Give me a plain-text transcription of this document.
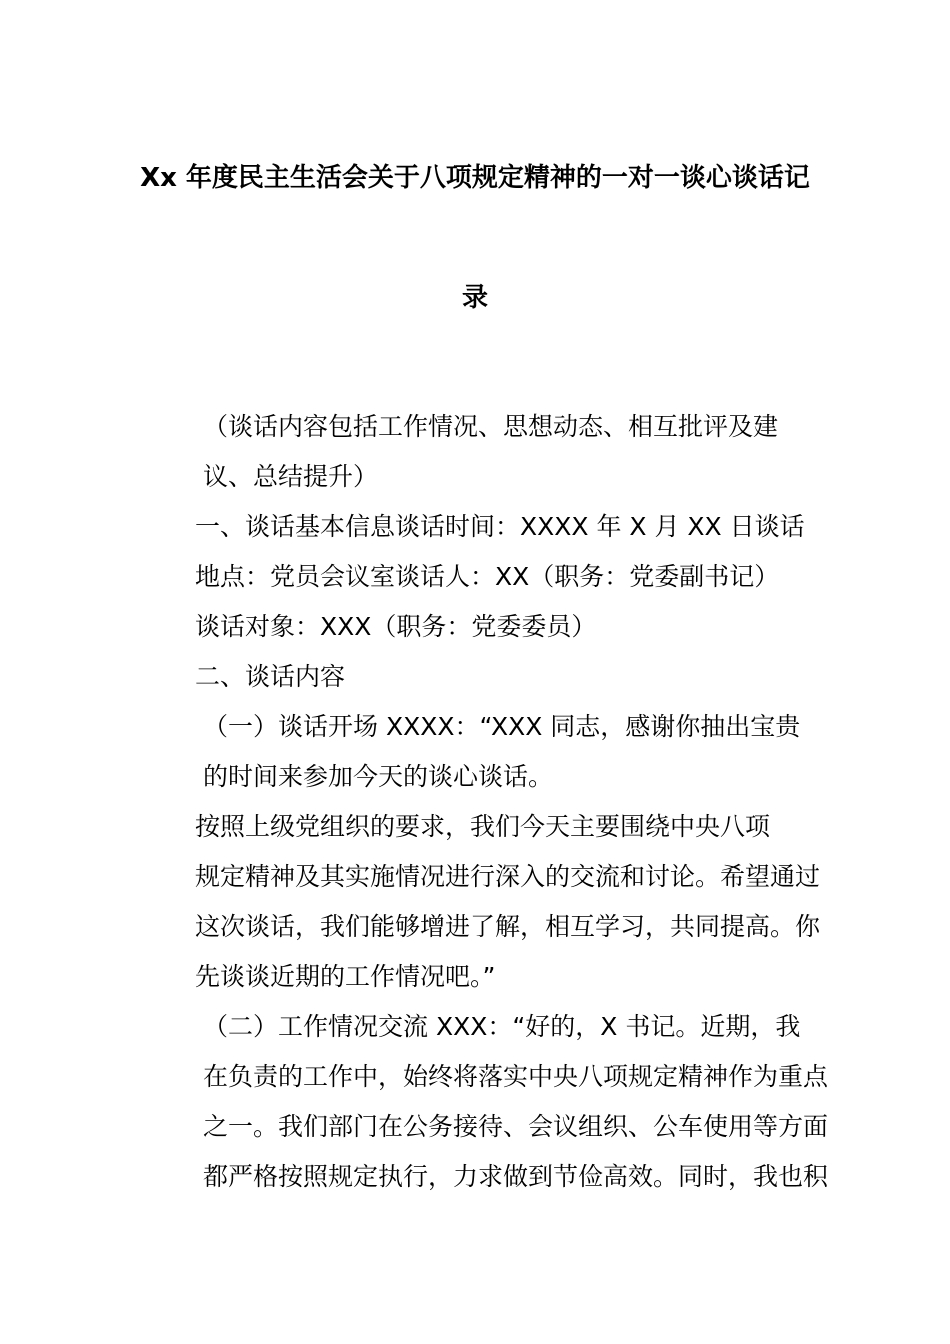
Xx 年度民主生活会关于八项规定精神的一对一谈心谈话记
录

（谈话内容包括工作情况、思想动态、相互批评及建
议、总结提升）

一、谈话基本信息谈话时间：XXXX 年 X 月 XX 日谈话
地点：党员会议室谈话人：XX（职务：党委副书记）

谈话对象：XXX（职务：党委委员）

二、谈话内容

（一）谈话开场 XXXX：“XXX 同志，感谢你抽出宝贵
的时间来参加今天的谈心谈话。

按照上级党组织的要求，我们今天主要围绕中央八项
规定精神及其实施情况进行深入的交流和讨论。希望通过
这次谈话，我们能够增进了解，相互学习，共同提高。你
先谈谈近期的工作情况吧。”

（二）工作情况交流 XXX：“好的，X 书记。近期，我
在负责的工作中，始终将落实中央八项规定精神作为重点
之一。我们部门在公务接待、会议组织、公车使用等方面
都严格按照规定执行，力求做到节俭高效。同时，我也积
